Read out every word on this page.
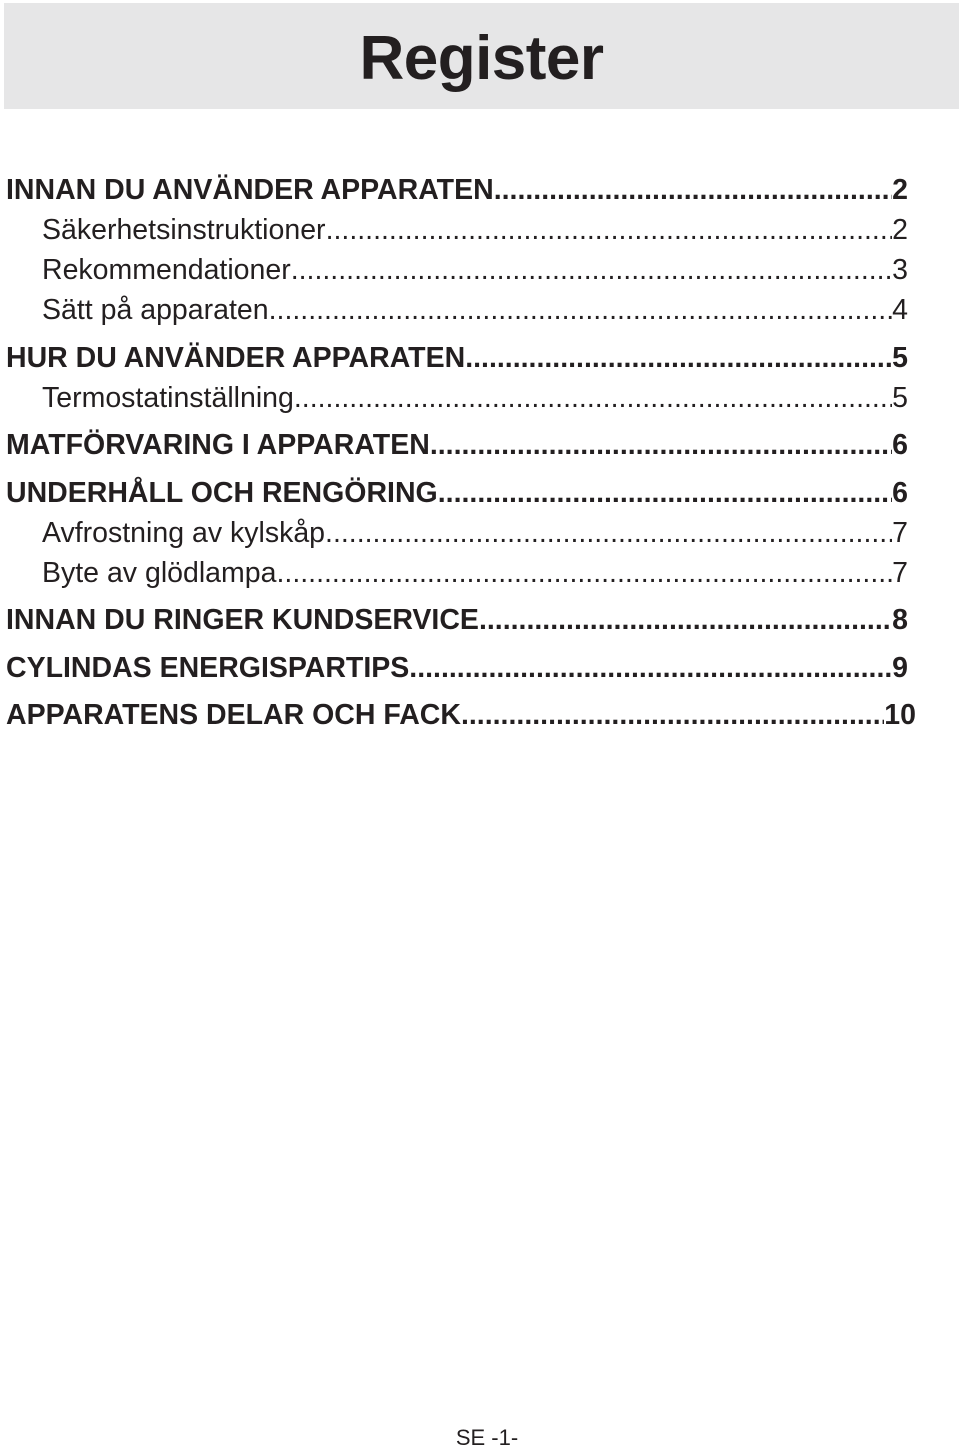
Register
INNAN DU ANVÄNDER APPARATEN .....	2
Säkerhetsinstruktioner .....	2
Rekommendationer .....	3
Sätt på apparaten .....	4
HUR DU ANVÄNDER APPARATEN .....	5
Termostatinställning .....	5
MATFÖRVARING I APPARATEN .....	6
UNDERHÅLL OCH RENGÖRING .....	6
Avfrostning av kylskåp .....	7
Byte av glödlampa .....	7
INNAN DU RINGER KUNDSERVICE .....	8
CYLINDAS ENERGISPARTIPS .....	9
APPARATENS DELAR OCH FACK .....	10
SE -1-
